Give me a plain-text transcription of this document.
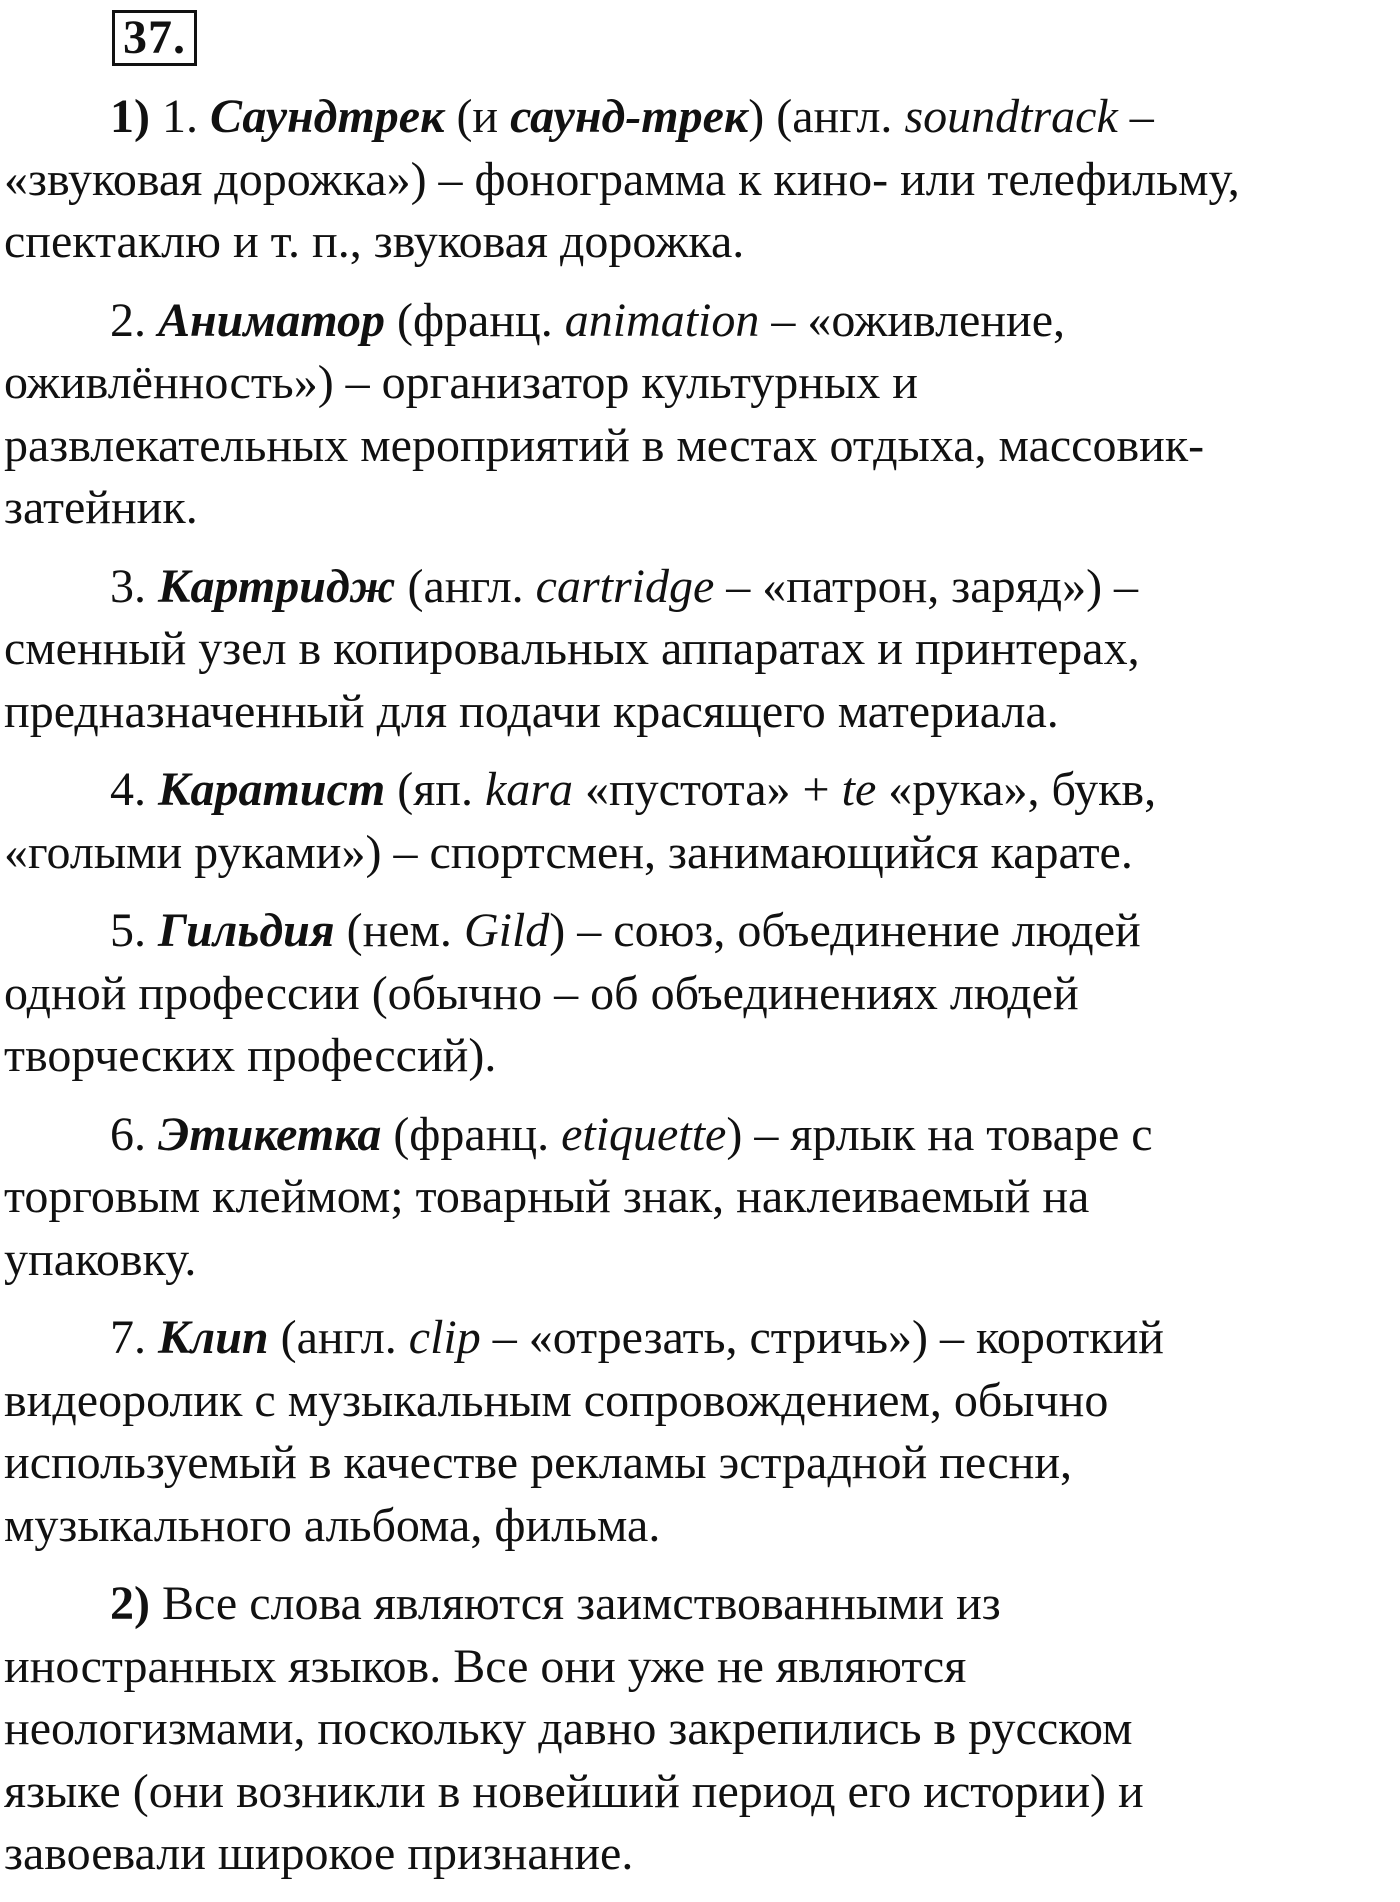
37.

1) 1. Саундтрек (и саунд-трек) (англ. soundtrack –
«звуковая дорожка») – фонограмма к кино- или телефильму,
спектаклю и т. п., звуковая дорожка.

2. Аниматор (франц. animation – «оживление,
оживлённость») – организатор культурных и
развлекательных мероприятий в местах отдыха, массовик-
затейник.

3. Картридж (англ. cartridge – «патрон, заряд») –
сменный узел в копировальных аппаратах и принтерах,
предназначенный для подачи красящего материала.

4. Каратист (яп. kara «пустота» + te «рука», букв,
«голыми руками») – спортсмен, занимающийся карате.

5. Гильдия (нем. Gild) – союз, объединение людей
одной профессии (обычно – об объединениях людей
творческих профессий).

6. Этикетка (франц. etiquette) – ярлык на товаре с
торговым клеймом; товарный знак, наклеиваемый на
упаковку.

7. Клип (англ. clip – «отрезать, стричь») – короткий
видеоролик с музыкальным сопровождением, обычно
используемый в качестве рекламы эстрадной песни,
музыкального альбома, фильма.

2) Все слова являются заимствованными из
иностранных языков. Все они уже не являются
неологизмами, поскольку давно закрепились в русском
языке (они возникли в новейший период его истории) и
завоевали широкое признание.
